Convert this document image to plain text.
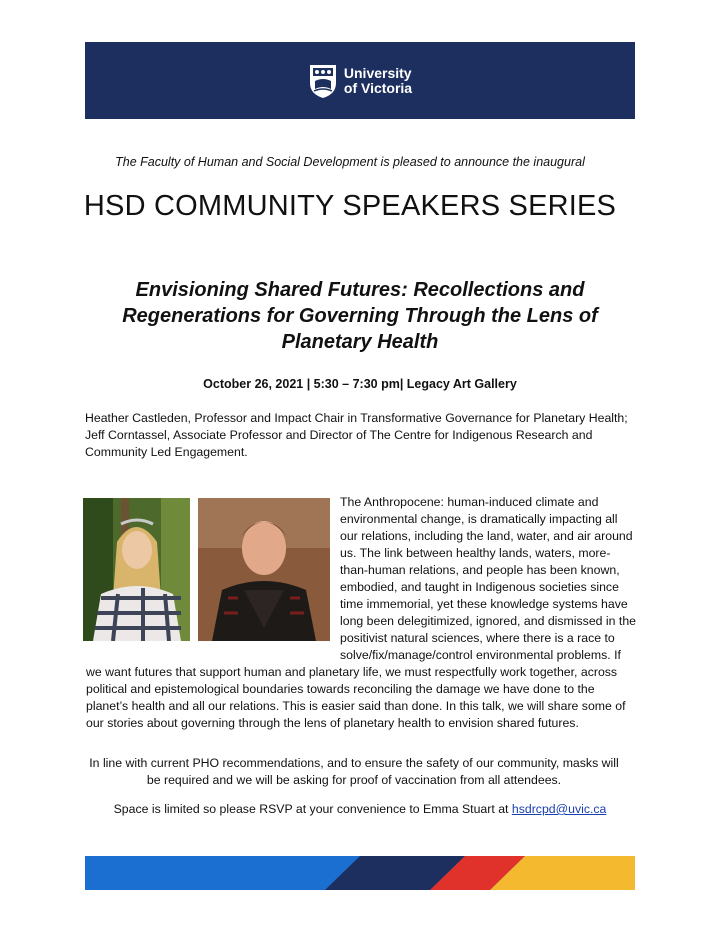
University
of Victoria
The Faculty of Human and Social Development is pleased to announce the inaugural
HSD COMMUNITY SPEAKERS SERIES
Envisioning Shared Futures: Recollections and Regenerations for Governing Through the Lens of Planetary Health
October 26, 2021 | 5:30 – 7:30 pm| Legacy Art Gallery
Heather Castleden, Professor and Impact Chair in Transformative Governance for Planetary Health; Jeff Corntassel, Associate Professor and Director of The Centre for Indigenous Research and Community Led Engagement.
The Anthropocene: human-induced climate and environmental change, is dramatically impacting all our relations, including the land, water, and air around us. The link between healthy lands, waters, more-than-human relations, and people has been known, embodied, and taught in Indigenous societies since time immemorial, yet these knowledge systems have long been delegitimized, ignored, and dismissed in the positivist natural sciences, where there is a race to solve/fix/manage/control environmental problems. If
we want futures that support human and planetary life, we must respectfully work together, across political and epistemological boundaries towards reconciling the damage we have done to the planet’s health and all our relations. This is easier said than done. In this talk, we will share some of our stories about governing through the lens of planetary health to envision shared futures.
In line with current PHO recommendations, and to ensure the safety of our community, masks will be required and we will be asking for proof of vaccination from all attendees.
Space is limited so please RSVP at your convenience to Emma Stuart at hsdrcpd@uvic.ca
